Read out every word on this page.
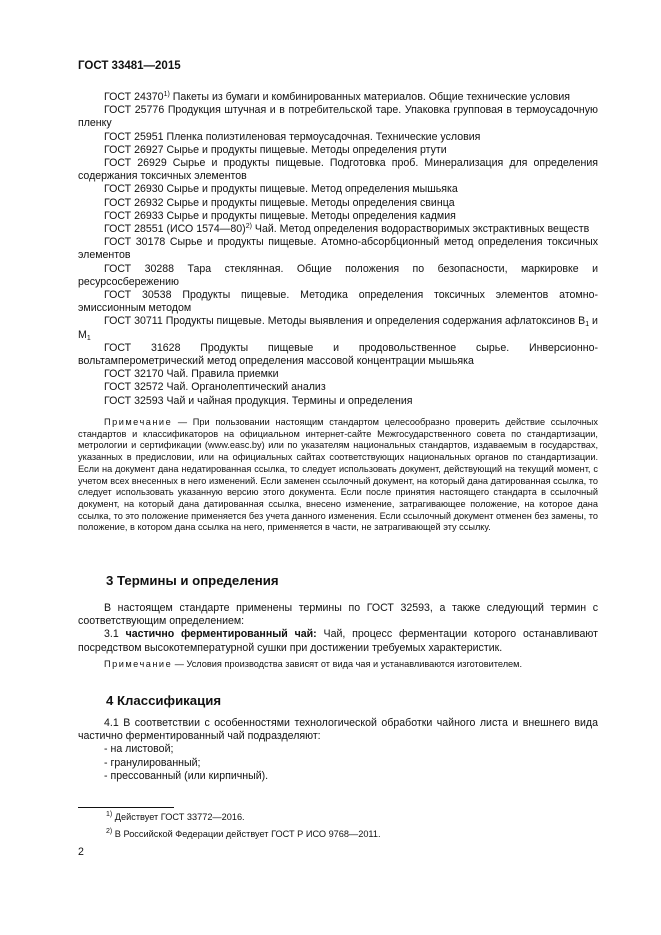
ГОСТ 33481—2015

ГОСТ 24370$^{1)}$ Пакеты из бумаги и комбинированных материалов. Общие технические условия

ГОСТ 25776 Продукция штучная и в потребительской таре. Упаковка групповая в термоусадочную пленку

ГОСТ 25951 Пленка полиэтиленовая термоусадочная. Технические условия

ГОСТ 26927 Сырье и продукты пищевые. Методы определения ртути

ГОСТ 26929 Сырье и продукты пищевые. Подготовка проб. Минерализация для определения содержания токсичных элементов

ГОСТ 26930 Сырье и продукты пищевые. Метод определения мышьяка

ГОСТ 26932 Сырье и продукты пищевые. Методы определения свинца

ГОСТ 26933 Сырье и продукты пищевые. Методы определения кадмия

ГОСТ 28551 (ИСО 1574—80)$^{2)}$ Чай. Метод определения водорастворимых экстрактивных веществ

ГОСТ 30178 Сырье и продукты пищевые. Атомно-абсорбционный метод определения токсичных элементов

ГОСТ 30288 Тара стеклянная. Общие положения по безопасности, маркировке и ресурсосбережению

ГОСТ 30538 Продукты пищевые. Методика определения токсичных элементов атомно-эмиссионным методом

ГОСТ 30711 Продукты пищевые. Методы выявления и определения содержания афлатоксинов $В_1$ и $М_1$

ГОСТ 31628 Продукты пищевые и продовольственное сырье. Инверсионно-вольтамперометрический метод определения массовой концентрации мышьяка

ГОСТ 32170 Чай. Правила приемки

ГОСТ 32572 Чай. Органолептический анализ

ГОСТ 32593 Чай и чайная продукция. Термины и определения

Примечание — При пользовании настоящим стандартом целесообразно проверить действие ссылочных стандартов и классификаторов на официальном интернет-сайте Межгосударственного совета по стандартизации, метрологии и сертификации (www.easc.by) или по указателям национальных стандартов, издаваемым в государствах, указанных в предисловии, или на официальных сайтах соответствующих национальных органов по стандартизации. Если на документ дана недатированная ссылка, то следует использовать документ, действующий на текущий момент, с учетом всех внесенных в него изменений. Если заменен ссылочный документ, на который дана датированная ссылка, то следует использовать указанную версию этого документа. Если после принятия настоящего стандарта в ссылочный документ, на который дана датированная ссылка, внесено изменение, затрагивающее положение, на которое дана ссылка, то это положение применяется без учета данного изменения. Если ссылочный документ отменен без замены, то положение, в котором дана ссылка на него, применяется в части, не затрагивающей эту ссылку.
3 Термины и определения

В настоящем стандарте применены термины по ГОСТ 32593, а также следующий термин с соответствующим определением:

3.1 частично ферментированный чай: Чай, процесс ферментации которого останавливают посредством высокотемпературной сушки при достижении требуемых характеристик.

Примечание — Условия производства зависят от вида чая и устанавливаются изготовителем.
4 Классификация

4.1 В соответствии с особенностями технологической обработки чайного листа и внешнего вида частично ферментированный чай подразделяют:

- на листовой;
- гранулированный;
- прессованный (или кирпичный).
$^{1)}$ Действует ГОСТ 33772—2016.
$^{2)}$ В Российской Федерации действует ГОСТ Р ИСО 9768—2011.
2
